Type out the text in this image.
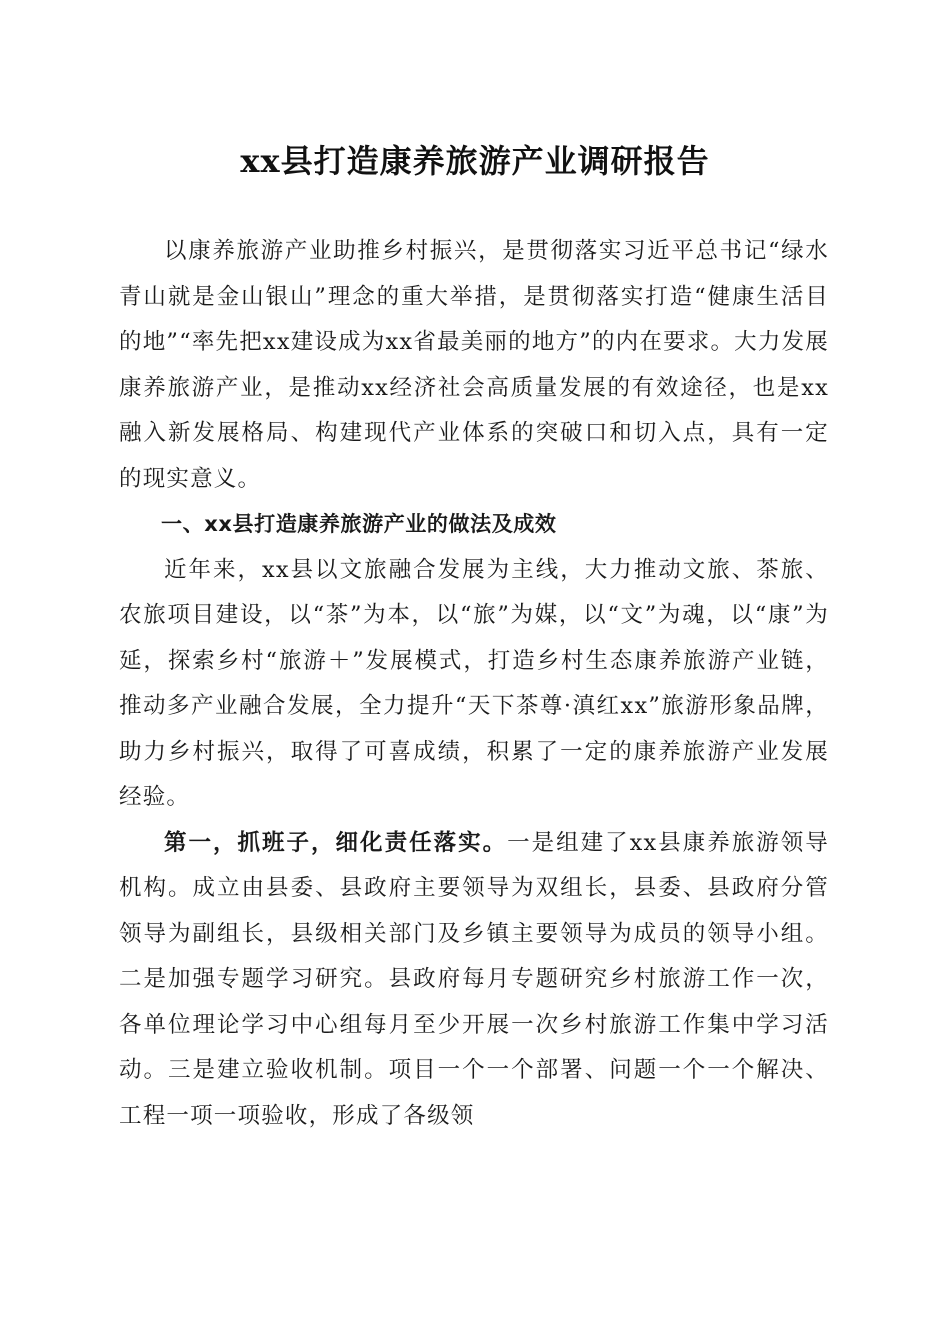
xx县打造康养旅游产业调研报告

以康养旅游产业助推乡村振兴，是贯彻落实习近平总书记“绿水青山就是金山银山”理念的重大举措，是贯彻落实打造“健康生活目的地”“率先把xx建设成为xx省最美丽的地方”的内在要求。大力发展康养旅游产业，是推动xx经济社会高质量发展的有效途径，也是xx融入新发展格局、构建现代产业体系的突破口和切入点，具有一定的现实意义。

一、xx县打造康养旅游产业的做法及成效

近年来，xx县以文旅融合发展为主线，大力推动文旅、茶旅、农旅项目建设，以“茶”为本，以“旅”为媒，以“文”为魂，以“康”为延，探索乡村“旅游＋”发展模式，打造乡村生态康养旅游产业链，推动多产业融合发展，全力提升“天下茶尊·滇红xx”旅游形象品牌，助力乡村振兴，取得了可喜成绩，积累了一定的康养旅游产业发展经验。

第一，抓班子，细化责任落实。一是组建了xx县康养旅游领导机构。成立由县委、县政府主要领导为双组长，县委、县政府分管领导为副组长，县级相关部门及乡镇主要领导为成员的领导小组。二是加强专题学习研究。县政府每月专题研究乡村旅游工作一次，各单位理论学习中心组每月至少开展一次乡村旅游工作集中学习活动。三是建立验收机制。项目一个一个部署、问题一个一个解决、工程一项一项验收，形成了各级领
